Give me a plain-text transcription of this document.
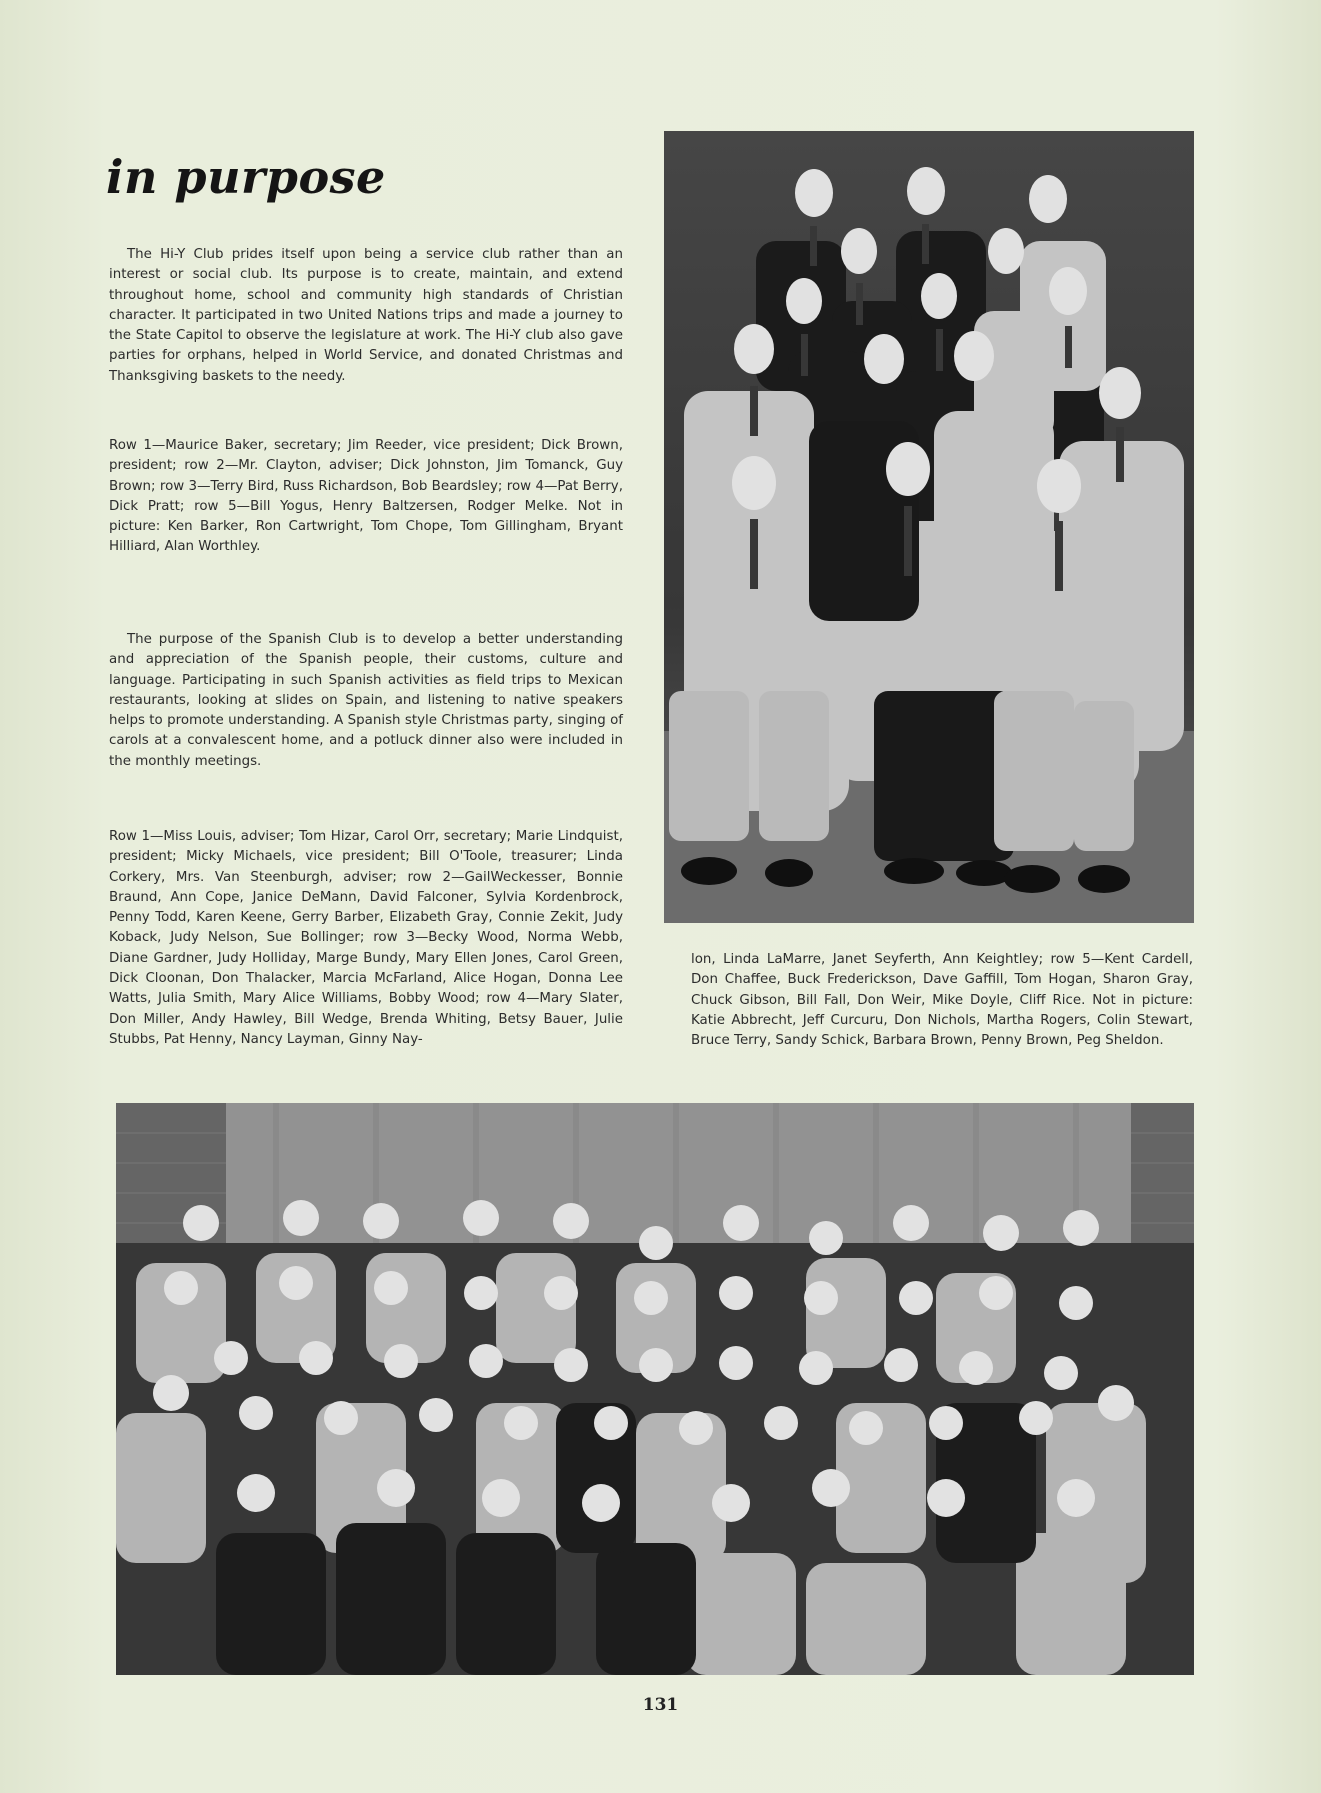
in purpose

The Hi-Y Club prides itself upon being a service club rather than an interest or social club. Its purpose is to create, maintain, and extend throughout home, school and community high standards of Christian character. It participated in two United Nations trips and made a journey to the State Capitol to observe the legislature at work. The Hi-Y club also gave parties for orphans, helped in World Service, and donated Christmas and Thanksgiving baskets to the needy.

Row 1—Maurice Baker, secretary; Jim Reeder, vice president; Dick Brown, president; row 2—Mr. Clayton, adviser; Dick Johnston, Jim Tomanck, Guy Brown; row 3—Terry Bird, Russ Richardson, Bob Beardsley; row 4—Pat Berry, Dick Pratt; row 5—Bill Yogus, Henry Baltzersen, Rodger Melke. Not in picture: Ken Barker, Ron Cartwright, Tom Chope, Tom Gillingham, Bryant Hilliard, Alan Worthley.

The purpose of the Spanish Club is to develop a better understanding and appreciation of the Spanish people, their customs, culture and language. Participating in such Spanish activities as field trips to Mexican restaurants, looking at slides on Spain, and listening to native speakers helps to promote understanding. A Spanish style Christmas party, singing of carols at a convalescent home, and a potluck dinner also were included in the monthly meetings.

Row 1—Miss Louis, adviser; Tom Hizar, Carol Orr, secretary; Marie Lindquist, president; Micky Michaels, vice president; Bill O'Toole, treasurer; Linda Corkery, Mrs. Van Steenburgh, adviser; row 2—GailWeckesser, Bonnie Braund, Ann Cope, Janice DeMann, David Falconer, Sylvia Kordenbrock, Penny Todd, Karen Keene, Gerry Barber, Elizabeth Gray, Connie Zekit, Judy Koback, Judy Nelson, Sue Bollinger; row 3—Becky Wood, Norma Webb, Diane Gardner, Judy Holliday, Marge Bundy, Mary Ellen Jones, Carol Green, Dick Cloonan, Don Thalacker, Marcia McFarland, Alice Hogan, Donna Lee Watts, Julia Smith, Mary Alice Williams, Bobby Wood; row 4—Mary Slater, Don Miller, Andy Hawley, Bill Wedge, Brenda Whiting, Betsy Bauer, Julie Stubbs, Pat Henny, Nancy Layman, Ginny Nay-

lon, Linda LaMarre, Janet Seyferth, Ann Keightley; row 5—Kent Cardell, Don Chaffee, Buck Frederickson, Dave Gaffill, Tom Hogan, Sharon Gray, Chuck Gibson, Bill Fall, Don Weir, Mike Doyle, Cliff Rice. Not in picture: Katie Abbrecht, Jeff Curcuru, Don Nichols, Martha Rogers, Colin Stewart, Bruce Terry, Sandy Schick, Barbara Brown, Penny Brown, Peg Sheldon.

131
